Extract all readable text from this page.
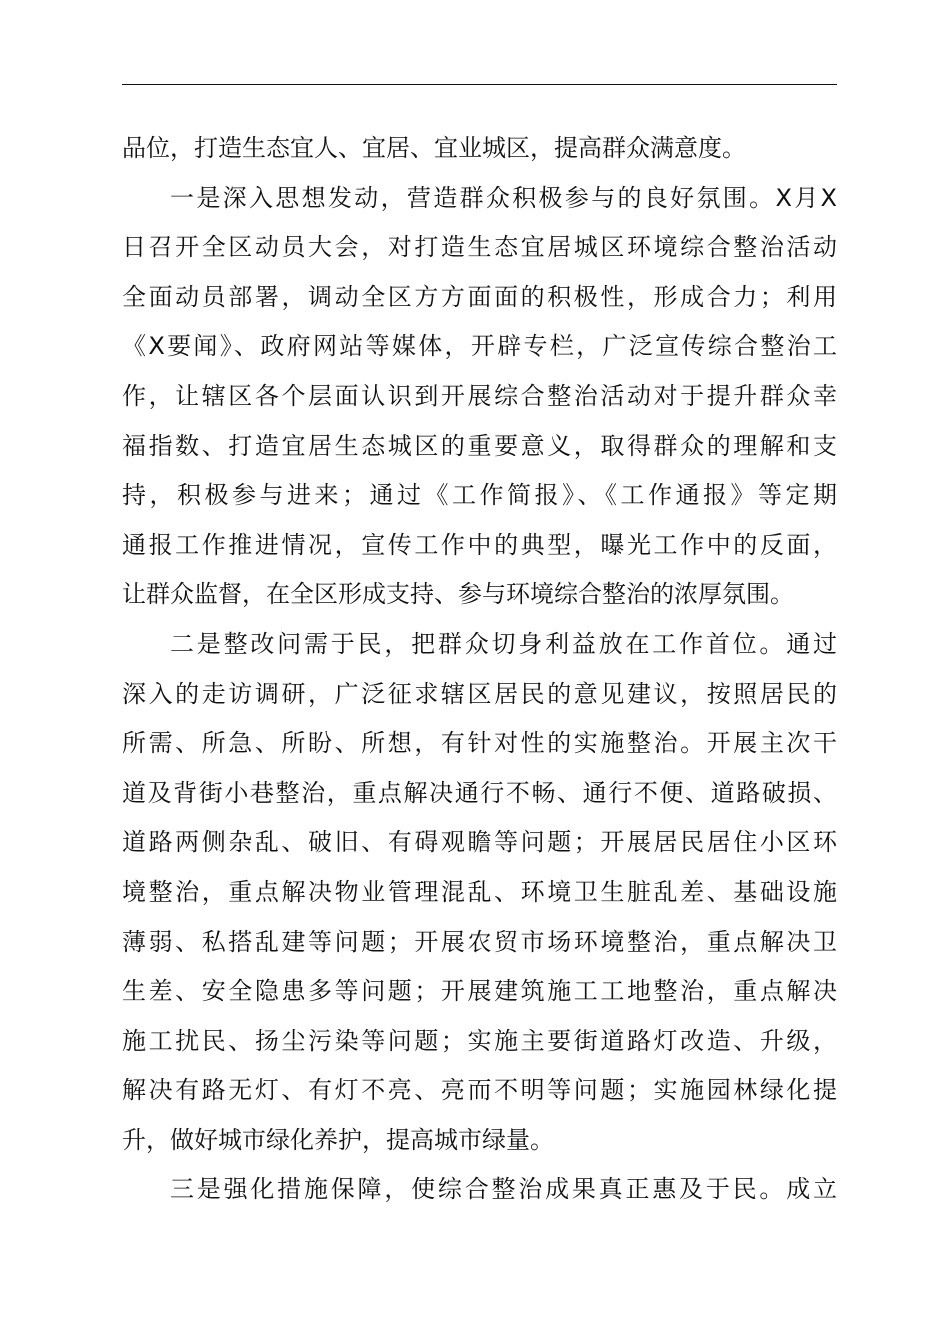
品位，打造生态宜人、宜居、宜业城区，提高群众满意度。
一是深入思想发动，营造群众积极参与的良好氛围。X月X
日召开全区动员大会，对打造生态宜居城区环境综合整治活动
全面动员部署，调动全区方方面面的积极性，形成合力；利用
《X要闻》、政府网站等媒体，开辟专栏，广泛宣传综合整治工
作，让辖区各个层面认识到开展综合整治活动对于提升群众幸
福指数、打造宜居生态城区的重要意义，取得群众的理解和支
持，积极参与进来；通过《工作简报》、《工作通报》等定期
通报工作推进情况，宣传工作中的典型，曝光工作中的反面，
让群众监督，在全区形成支持、参与环境综合整治的浓厚氛围。
二是整改问需于民，把群众切身利益放在工作首位。通过
深入的走访调研，广泛征求辖区居民的意见建议，按照居民的
所需、所急、所盼、所想，有针对性的实施整治。开展主次干
道及背街小巷整治，重点解决通行不畅、通行不便、道路破损、
道路两侧杂乱、破旧、有碍观瞻等问题；开展居民居住小区环
境整治，重点解决物业管理混乱、环境卫生脏乱差、基础设施
薄弱、私搭乱建等问题；开展农贸市场环境整治，重点解决卫
生差、安全隐患多等问题；开展建筑施工工地整治，重点解决
施工扰民、扬尘污染等问题；实施主要街道路灯改造、升级，
解决有路无灯、有灯不亮、亮而不明等问题；实施园林绿化提
升，做好城市绿化养护，提高城市绿量。
三是强化措施保障，使综合整治成果真正惠及于民。成立
